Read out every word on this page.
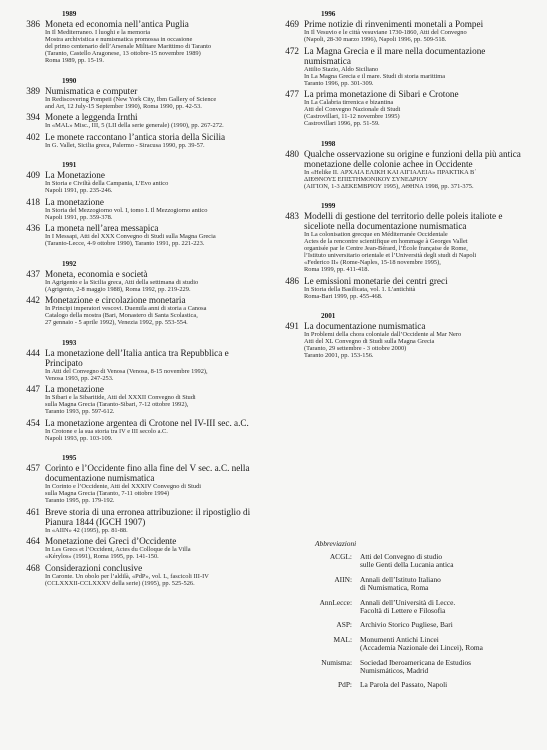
1989
386 Moneta ed economia nell’antica Puglia
In Il Mediterraneo. I luoghi e la memoria
Mostra archivistica e numismatica promossa in occasione
del primo centenario dell’Arsenale Militare Marittimo di Taranto
(Taranto, Castello Aragonese, 13 ottobre-15 novembre 1989)
Roma 1989, pp. 15-19.
1990
389 Numismatica e computer
In Rediscovering Pompeii (New York City, Ibm Gallery of Science
and Art, 12 July-15 September 1990), Roma 1990, pp. 42-53.
394 Monete a leggenda Irnthi
In «MAL» Misc., III, 5 (LII della serie generale) (1990), pp. 267-272.
402 Le monete raccontano l’antica storia della Sicilia
In G. Vallet, Sicilia greca, Palermo - Siracusa 1990, pp. 39-57.
1991
409 La Monetazione
In Storia e Civiltà della Campania, L’Evo antico
Napoli 1991, pp. 235-246.
418 La monetazione
In Storia del Mezzogiorno vol. I, tomo I. Il Mezzogiorno antico
Napoli 1991, pp. 359-378.
436 La moneta nell’area messapica
In I Messapi, Atti del XXX Convegno di Studi sulla Magna Grecia
(Taranto-Lecce, 4-9 ottobre 1990), Taranto 1991, pp. 221-223.
1992
437 Moneta, economia e società
In Agrigento e la Sicilia greca, Atti della settimana di studio
(Agrigento, 2-8 maggio 1988), Roma 1992, pp. 219-229.
442 Monetazione e circolazione monetaria
In Principi imperatori vescovi. Duemila anni di storia a Canosa
Catalogo della mostra (Bari, Monastero di Santa Scolastica,
27 gennaio - 5 aprile 1992), Venezia 1992, pp. 553-554.
1993
444 La monetazione dell’Italia antica tra Repubblica e Principato
In Atti del Convegno di Venosa (Venosa, 8-15 novembre 1992),
Venosa 1993, pp. 247-253.
447 La monetazione
In Sibari e la Sibaritide, Atti del XXXII Convegno di Studi
sulla Magna Grecia (Taranto-Sibari, 7-12 ottobre 1992),
Taranto 1993, pp. 597-612.
454 La monetazione argentea di Crotone nel IV-III sec. a.C.
In Crotone e la sua storia tra IV e III secolo a.C.
Napoli 1993, pp. 103-109.
1995
457 Corinto e l’Occidente fino alla fine del V sec. a.C. nella documentazione numismatica
In Corinto e l’Occidente, Atti del XXXIV Convegno di Studi
sulla Magna Grecia (Taranto, 7-11 ottobre 1994)
Taranto 1995, pp. 179-192.
461 Breve storia di una erronea attribuzione: il ripostiglio di Pianura 1844 (IGCH 1907)
In «AIIN» 42 (1995), pp. 81-88.
464 Monetazione dei Greci d’Occidente
In Les Grecs et l’Occident, Actes du Colloque de la Villa
«Kérylos» (1991), Roma 1995, pp. 141-150.
468 Considerazioni conclusive
In Caronte. Un obolo per l’aldilà, «PdP», vol. L, fascicoli III-IV
(CCLXXXII-CCLXXXV della serie) (1995), pp. 525-526.
1996
469 Prime notizie di rinvenimenti monetali a Pompei
In Il Vesuvio e le città vesuviane 1730-1860, Atti del Convegno
(Napoli, 28-30 marzo 1996), Napoli 1996, pp. 509-518.
472 La Magna Grecia e il mare nella documentazione numismatica
Attilio Stazio, Aldo Siciliano
In La Magna Grecia e il mare. Studi di storia marittima
Taranto 1996, pp. 301-309.
477 La prima monetazione di Sibari e Crotone
In La Calabria tirrenica e bizantina
Atti del Convegno Nazionale di Studi
(Castrovillari, 11-12 novembre 1995)
Castrovillari 1996, pp. 51-59.
1998
480 Qualche osservazione su origine e funzioni della più antica monetazione delle colonie achee in Occidente
In «Helike II. ΑΡΧΑΙΑ ΕΛΙΚΗ ΚΑΙ ΑΙΓΙΑΛΕΙΑ» ΠΡΑΚΤΙΚΑ Β΄
ΔΙΕΘΝΟΥΣ ΕΠΙΣΤΗΜΟΝΙΚΟΥ ΣΥΝΕΔΡΙΟΥ
(ΑΙΓΙΟΝ, 1-3 ΔΕΚΕΜΒΡΙΟΥ 1995), ΑΘΗΝΑ 1998, pp. 371-375.
1999
483 Modelli di gestione del territorio delle poleis italiote e siceliote nella documentazione numismatica
In La colonisation grecque en Méditerranée Occidentale
Actes de la rencontre scientifique en hommage à Georges Vallet
organisée par le Centre Jean-Bérard, l’École française de Rome,
l’Istituto universitario orientale et l’Università degli studi di Napoli
«Federico II» (Rome-Naples, 15-18 novembre 1995),
Roma 1999, pp. 411-418.
486 Le emissioni monetarie dei centri greci
In Storia della Basilicata, vol. 1. L’antichità
Roma-Bari 1999, pp. 455-468.
2001
491 La documentazione numismatica
In Problemi della chora coloniale dall’Occidente al Mar Nero
Atti del XL Convegno di Studi sulla Magna Grecia
(Taranto, 29 settembre - 3 ottobre 2000)
Taranto 2001, pp. 153-156.
Abbreviazioni
ACGL:	Atti del Convegno di studio
sulle Genti della Lucania antica
AIIN:	Annali dell’Istituto Italiano
di Numismatica, Roma
AnnLecce:	Annali dell’Università di Lecce.
Facoltà di Lettere e Filosofia
ASP:	Archivio Storico Pugliese, Bari
MAL:	Monumenti Antichi Lincei
(Accademia Nazionale dei Lincei), Roma
Numisma:	Sociedad Iberoamericana de Estudios
Numismáticos, Madrid
PdP:	La Parola del Passato, Napoli
